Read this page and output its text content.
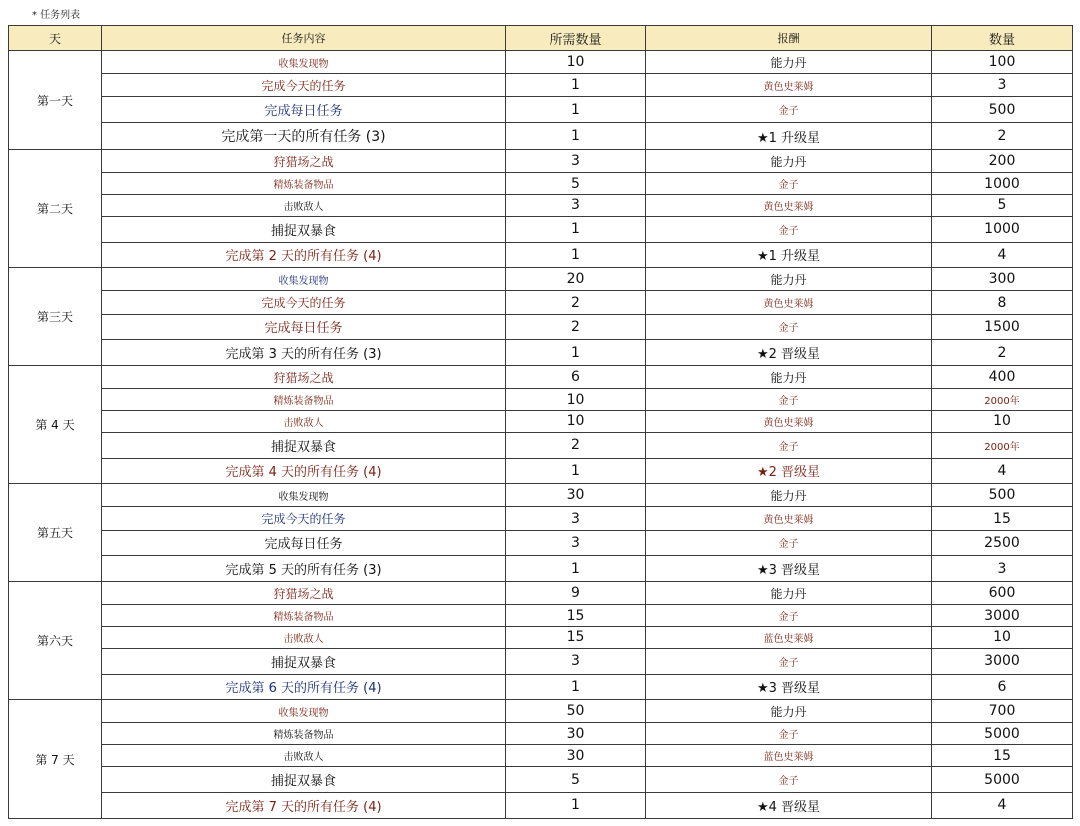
* 任务列表
天	任务内容	所需数量	报酬	数量
第一天	收集发现物	10	能力丹	100
	完成今天的任务	1	黄色史莱姆	3
	完成每日任务	1	金子	500
	完成第一天的所有任务 (3)	1	★1 升级星	2
第二天	狩猎场之战	3	能力丹	200
	精炼装备物品	5	金子	1000
	击败敌人	3	黄色史莱姆	5
	捕捉双暴食	1	金子	1000
	完成第 2 天的所有任务 (4)	1	★1 升级星	4
第三天	收集发现物	20	能力丹	300
	完成今天的任务	2	黄色史莱姆	8
	完成每日任务	2	金子	1500
	完成第 3 天的所有任务 (3)	1	★2 晋级星	2
第 4 天	狩猎场之战	6	能力丹	400
	精炼装备物品	10	金子	2000年
	击败敌人	10	黄色史莱姆	10
	捕捉双暴食	2	金子	2000年
	完成第 4 天的所有任务 (4)	1	★2 晋级星	4
第五天	收集发现物	30	能力丹	500
	完成今天的任务	3	黄色史莱姆	15
	完成每日任务	3	金子	2500
	完成第 5 天的所有任务 (3)	1	★3 晋级星	3
第六天	狩猎场之战	9	能力丹	600
	精炼装备物品	15	金子	3000
	击败敌人	15	蓝色史莱姆	10
	捕捉双暴食	3	金子	3000
	完成第 6 天的所有任务 (4)	1	★3 晋级星	6
第 7 天	收集发现物	50	能力丹	700
	精炼装备物品	30	金子	5000
	击败敌人	30	蓝色史莱姆	15
	捕捉双暴食	5	金子	5000
	完成第 7 天的所有任务 (4)	1	★4 晋级星	4
